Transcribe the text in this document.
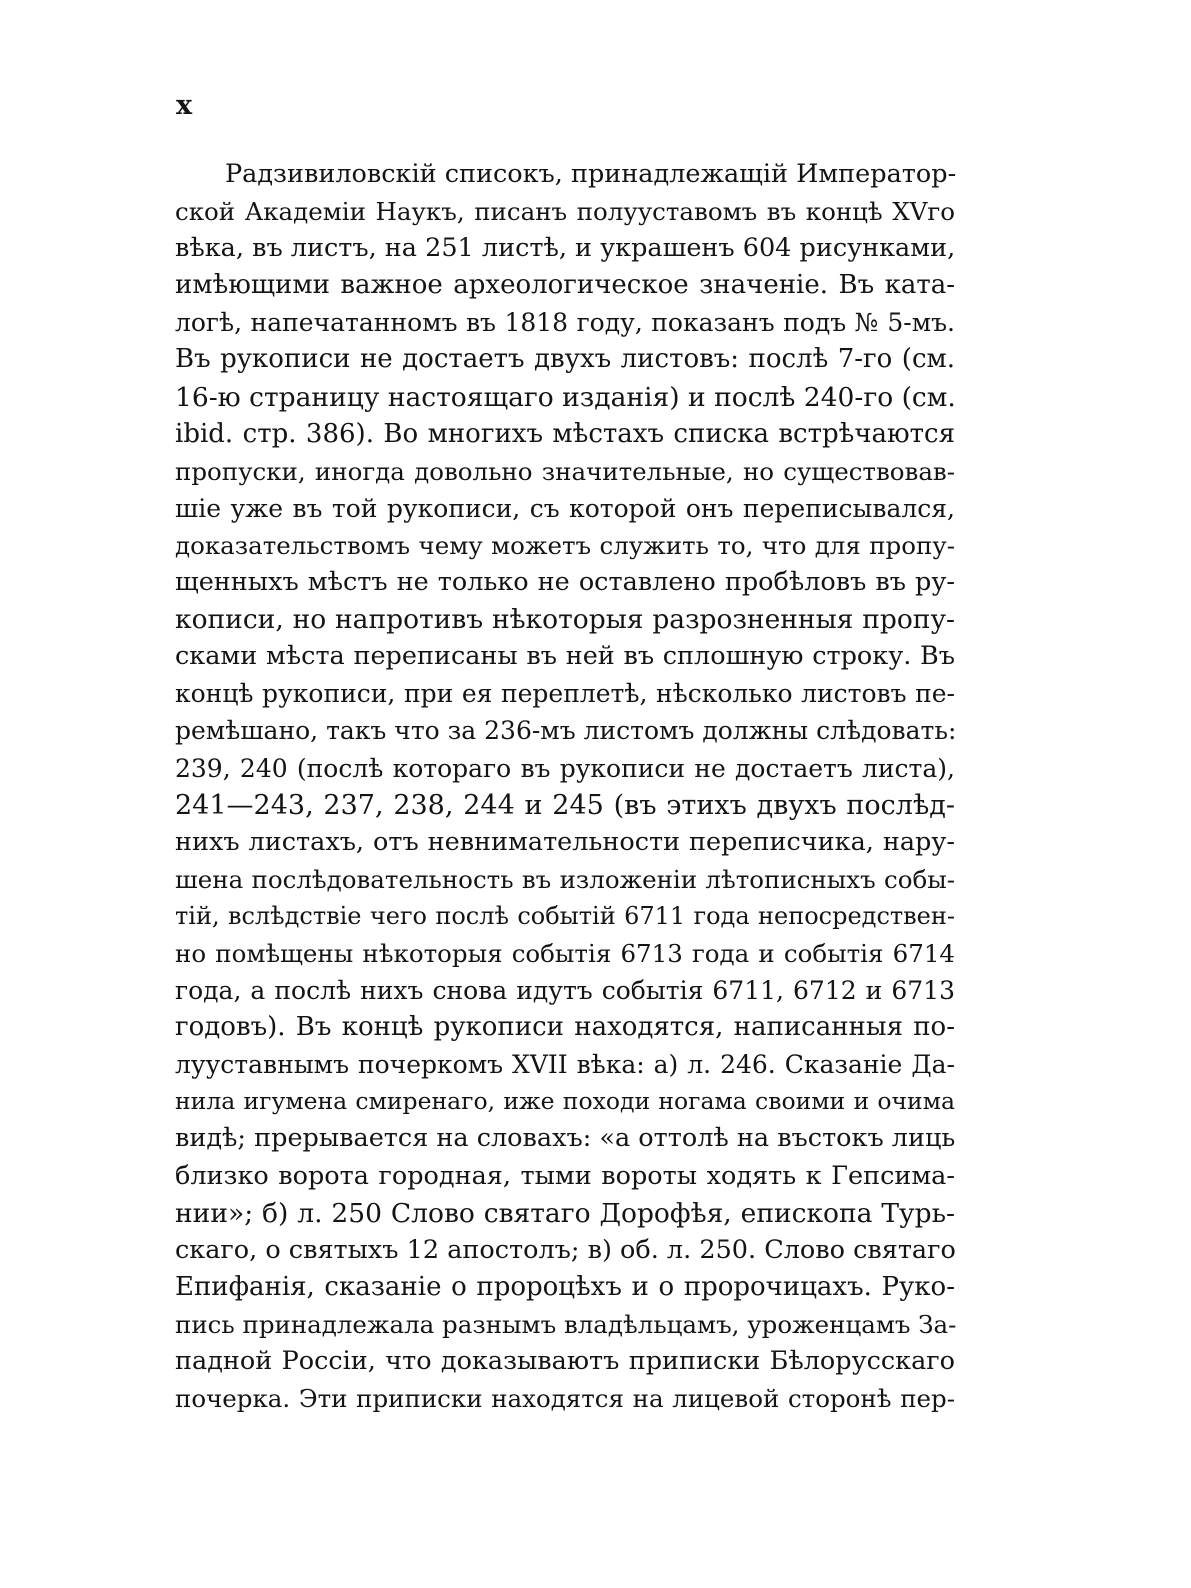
x
Радзивиловскій списокъ, принадлежащій Император-
ской Академіи Наукъ, писанъ полууставомъ въ концѣ XVго
вѣка, въ листъ, на 251 листѣ, и украшенъ 604 рисунками,
имѣющими важное археологическое значеніе. Въ ката-
логѣ, напечатанномъ въ 1818 году, показанъ подъ № 5-мъ.
Въ рукописи не достаетъ двухъ листовъ: послѣ 7-го (см.
16-ю страницу настоящаго изданія) и послѣ 240-го (см.
ibid. стр. 386). Во многихъ мѣстахъ списка встрѣчаются
пропуски, иногда довольно значительные, но существовав-
шіе уже въ той рукописи, съ которой онъ переписывался,
доказательствомъ чему можетъ служить то, что для пропу-
щенныхъ мѣстъ не только не оставлено пробѣловъ въ ру-
кописи, но напротивъ нѣкоторыя разрозненныя пропу-
сками мѣста переписаны въ ней въ сплошную строку. Въ
концѣ рукописи, при ея переплетѣ, нѣсколько листовъ пе-
ремѣшано, такъ что за 236-мъ листомъ должны слѣдовать:
239, 240 (послѣ котораго въ рукописи не достаетъ листа),
241—243, 237, 238, 244 и 245 (въ этихъ двухъ послѣд-
нихъ листахъ, отъ невнимательности переписчика, нару-
шена послѣдовательность въ изложеніи лѣтописныхъ собы-
тій, вслѣдствіе чего послѣ событій 6711 года непосредствен-
но помѣщены нѣкоторыя событія 6713 года и событія 6714
года, а послѣ нихъ снова идутъ событія 6711, 6712 и 6713
годовъ). Въ концѣ рукописи находятся, написанныя по-
лууставнымъ почеркомъ XVII вѣка: а) л. 246. Сказаніе Да-
нила игумена смиренаго, иже походи ногама своими и очима
видѣ; прерывается на словахъ: «а оттолѣ на въстокъ лиць
близко ворота городная, тыми вороты ходять к Гепсима-
нии»; б) л. 250 Слово святаго Дорофѣя, епископа Турь-
скаго, о святыхъ 12 апостолъ; в) об. л. 250. Слово святаго
Епифанія, сказаніе о пророцѣхъ и о пророчицахъ. Руко-
пись принадлежала разнымъ владѣльцамъ, уроженцамъ За-
падной Россіи, что доказываютъ приписки Бѣлорусскаго
почерка. Эти приписки находятся на лицевой сторонѣ пер-
